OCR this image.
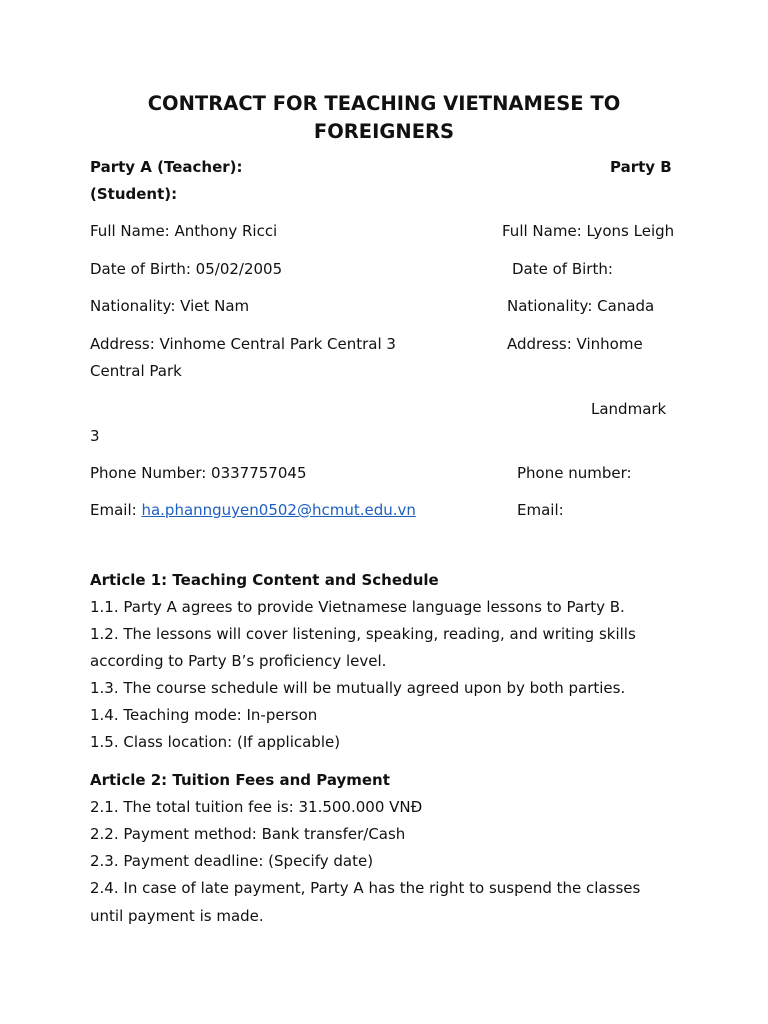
CONTRACT FOR TEACHING VIETNAMESE TO
FOREIGNERS
Party A (Teacher):	Party B
(Student):
Full Name: Anthony Ricci	Full Name: Lyons Leigh
Date of Birth: 05/02/2005	Date of Birth:
Nationality: Viet Nam	Nationality: Canada
Address: Vinhome Central Park Central 3	Address: Vinhome
Central Park
Landmark
3
Phone Number: 0337757045	Phone number:
Email: ha.phannguyen0502@hcmut.edu.vn	Email:
Article 1: Teaching Content and Schedule
1.1. Party A agrees to provide Vietnamese language lessons to Party B.
1.2. The lessons will cover listening, speaking, reading, and writing skills
according to Party B’s proficiency level.
1.3. The course schedule will be mutually agreed upon by both parties.
1.4. Teaching mode: In-person
1.5. Class location: (If applicable)
Article 2: Tuition Fees and Payment
2.1. The total tuition fee is: 31.500.000 VNĐ
2.2. Payment method: Bank transfer/Cash
2.3. Payment deadline: (Specify date)
2.4. In case of late payment, Party A has the right to suspend the classes
until payment is made.
